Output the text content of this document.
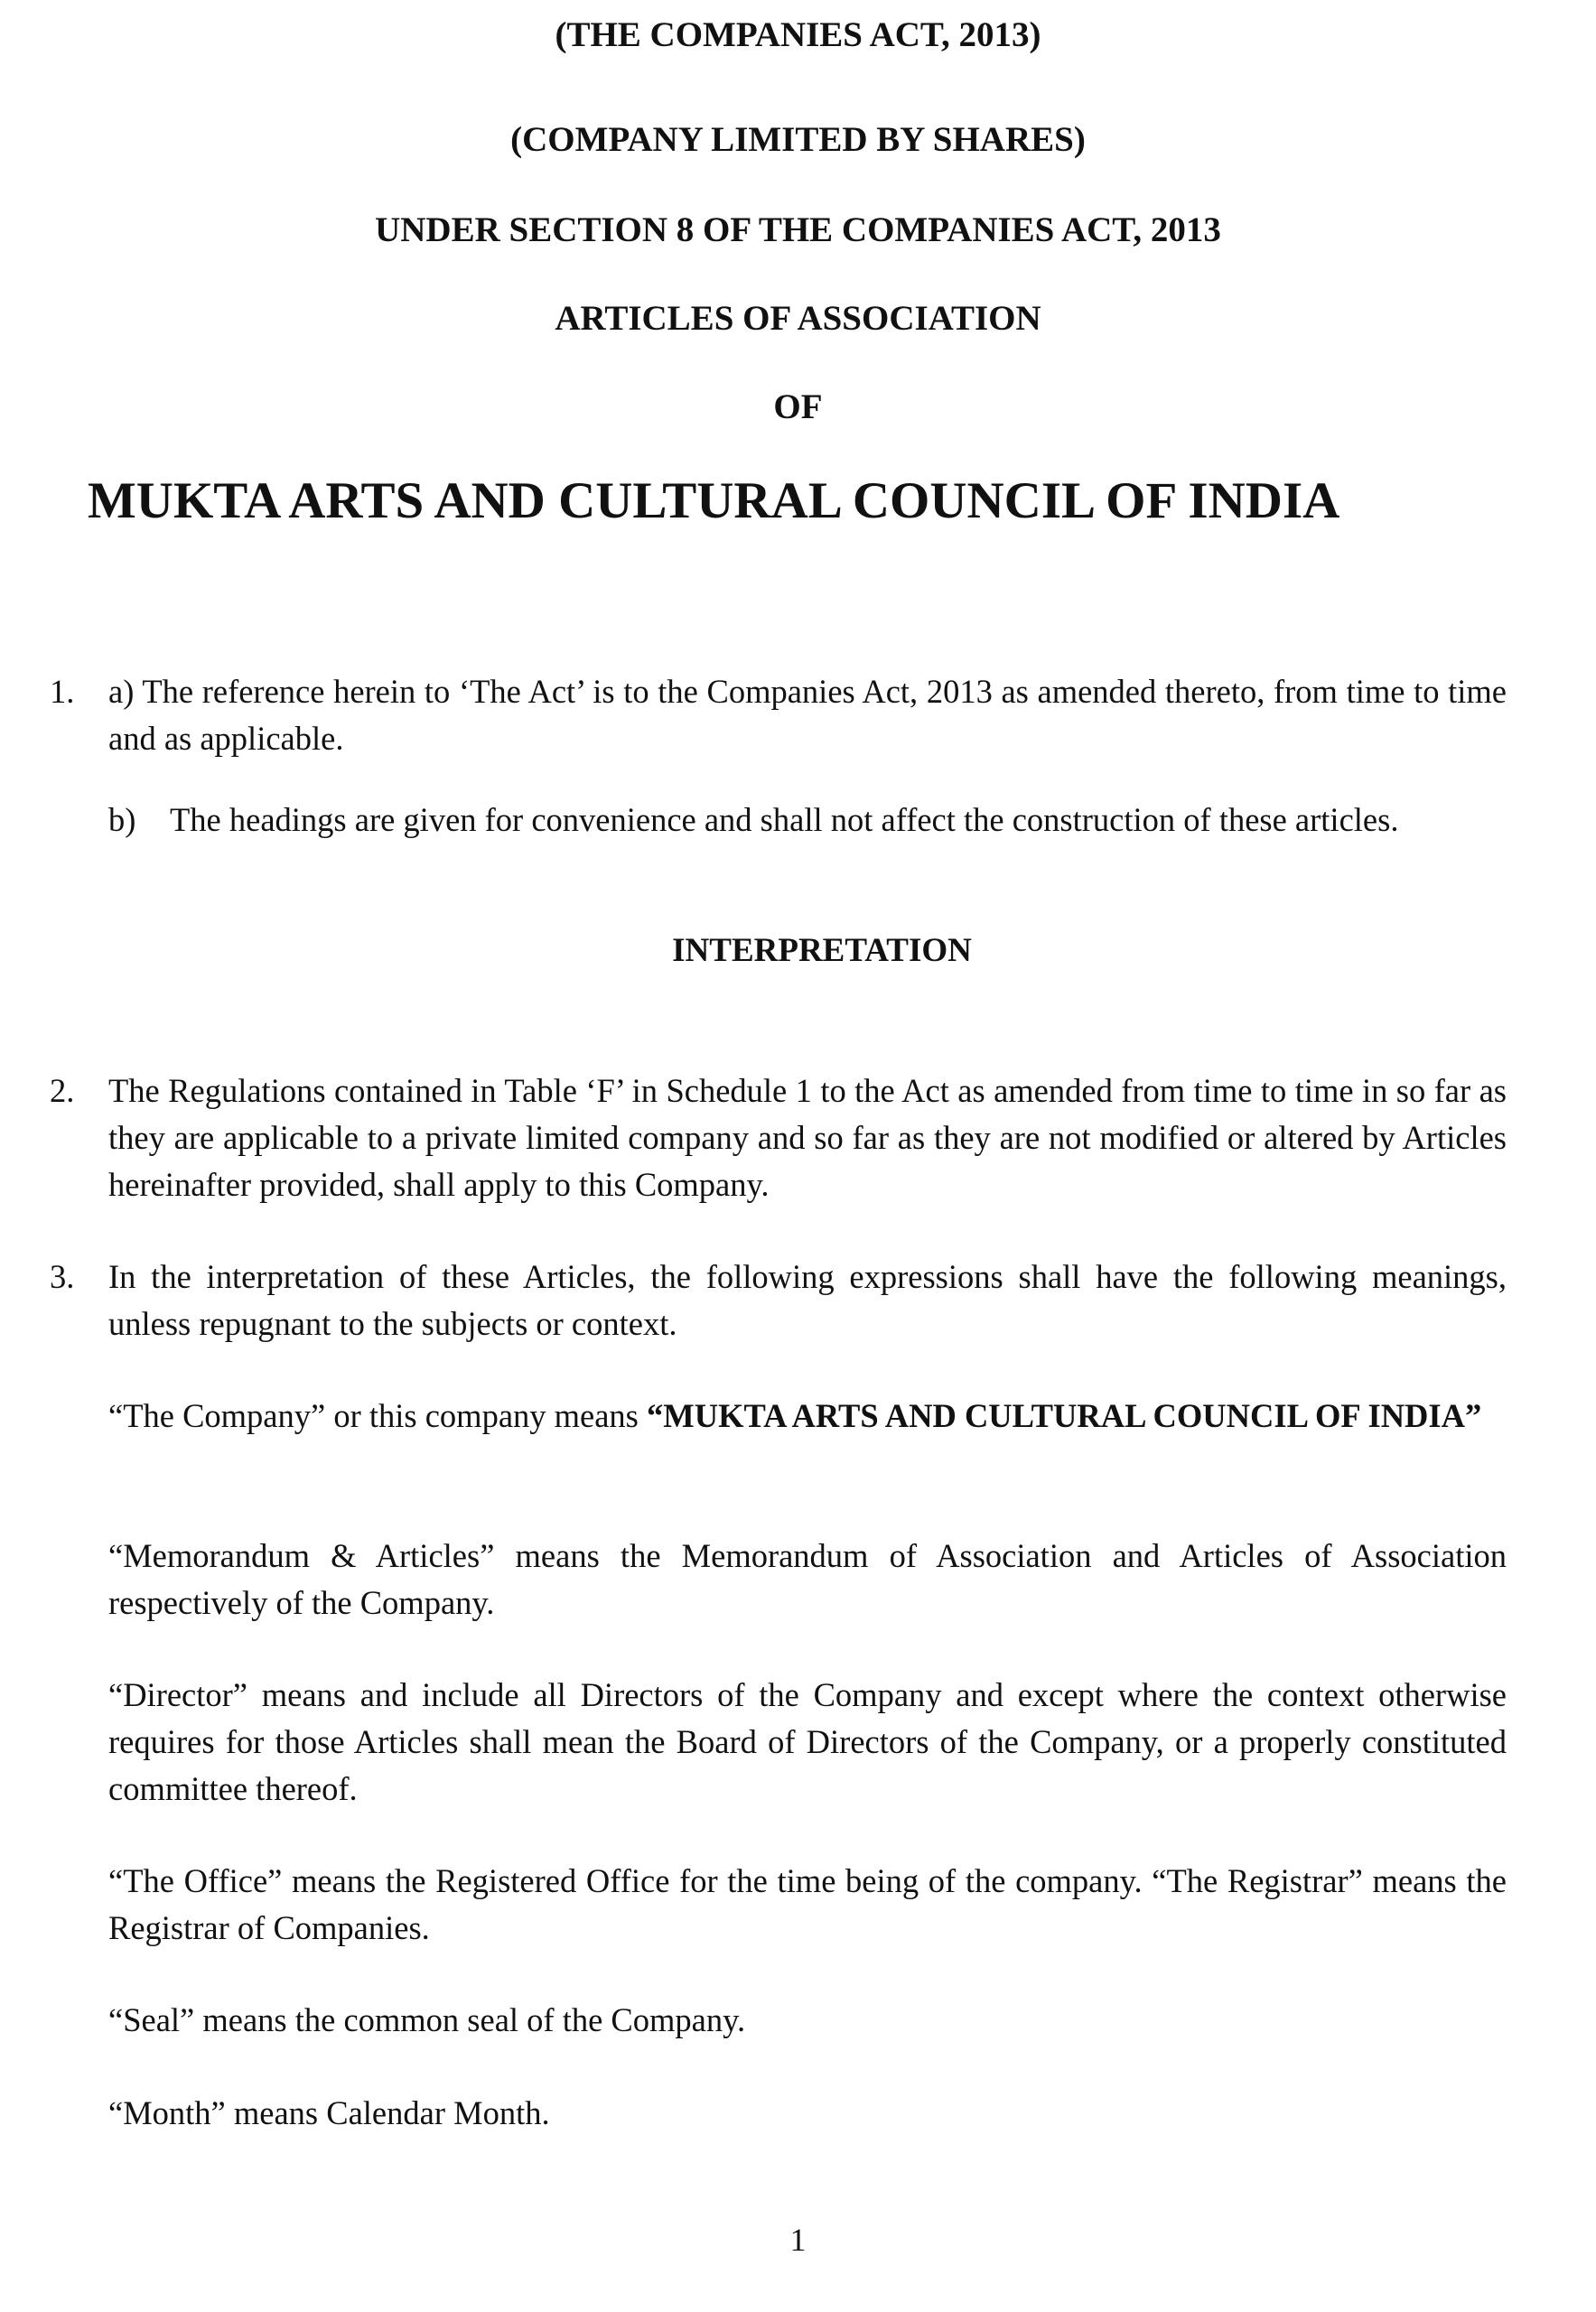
(THE COMPANIES ACT, 2013)
(COMPANY LIMITED BY SHARES)
UNDER SECTION 8 OF THE COMPANIES ACT, 2013
ARTICLES OF ASSOCIATION
OF
MUKTA ARTS AND CULTURAL COUNCIL OF INDIA
1. a) The reference herein to ‘The Act’ is to the Companies Act, 2013 as amended thereto, from time to time and as applicable.
b) The headings are given for convenience and shall not affect the construction of these articles.
INTERPRETATION
2. The Regulations contained in Table ‘F’ in Schedule 1 to the Act as amended from time to time in so far as they are applicable to a private limited company and so far as they are not modified or altered by Articles hereinafter provided, shall apply to this Company.
3. In the interpretation of these Articles, the following expressions shall have the following meanings, unless repugnant to the subjects or context.
“The Company” or this company means “MUKTA ARTS AND CULTURAL COUNCIL OF INDIA”
“Memorandum & Articles” means the Memorandum of Association and Articles of Association respectively of the Company.
“Director” means and include all Directors of the Company and except where the context otherwise requires for those Articles shall mean the Board of Directors of the Company, or a properly constituted committee thereof.
“The Office” means the Registered Office for the time being of the company. “The Registrar” means the Registrar of Companies.
“Seal” means the common seal of the Company.
“Month” means Calendar Month.
1
